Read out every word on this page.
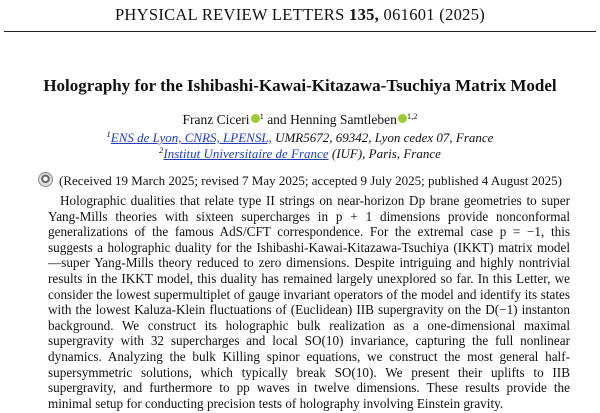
PHYSICAL REVIEW LETTERS 135, 061601 (2025)
Holography for the Ishibashi-Kawai-Kitazawa-Tsuchiya Matrix Model
Franz Ciceri $^1$ and Henning Samtleben $^{1,2}$
$^1$ENS de Lyon, CNRS, LPENSL, UMR5672, 69342, Lyon cedex 07, France
$^2$Institut Universitaire de France (IUF), Paris, France
(Received 19 March 2025; revised 7 May 2025; accepted 9 July 2025; published 4 August 2025)
Holographic dualities that relate type II strings on near-horizon Dp brane geometries to super Yang-Mills theories with sixteen supercharges in p + 1 dimensions provide nonconformal generalizations of the famous AdS/CFT correspondence. For the extremal case p = −1, this suggests a holographic duality for the Ishibashi-Kawai-Kitazawa-Tsuchiya (IKKT) matrix model—super Yang-Mills theory reduced to zero dimensions. Despite intriguing and highly nontrivial results in the IKKT model, this duality has remained largely unexplored so far. In this Letter, we consider the lowest supermultiplet of gauge invariant operators of the model and identify its states with the lowest Kaluza-Klein fluctuations of (Euclidean) IIB supergravity on the D(−1) instanton background. We construct its holographic bulk realization as a one-dimensional maximal supergravity with 32 supercharges and local SO(10) invariance, capturing the full nonlinear dynamics. Analyzing the bulk Killing spinor equations, we construct the most general half-supersymmetric solutions, which typically break SO(10). We present their uplifts to IIB supergravity, and furthermore to pp waves in twelve dimensions. These results provide the minimal setup for conducting precision tests of holography involving Einstein gravity.
